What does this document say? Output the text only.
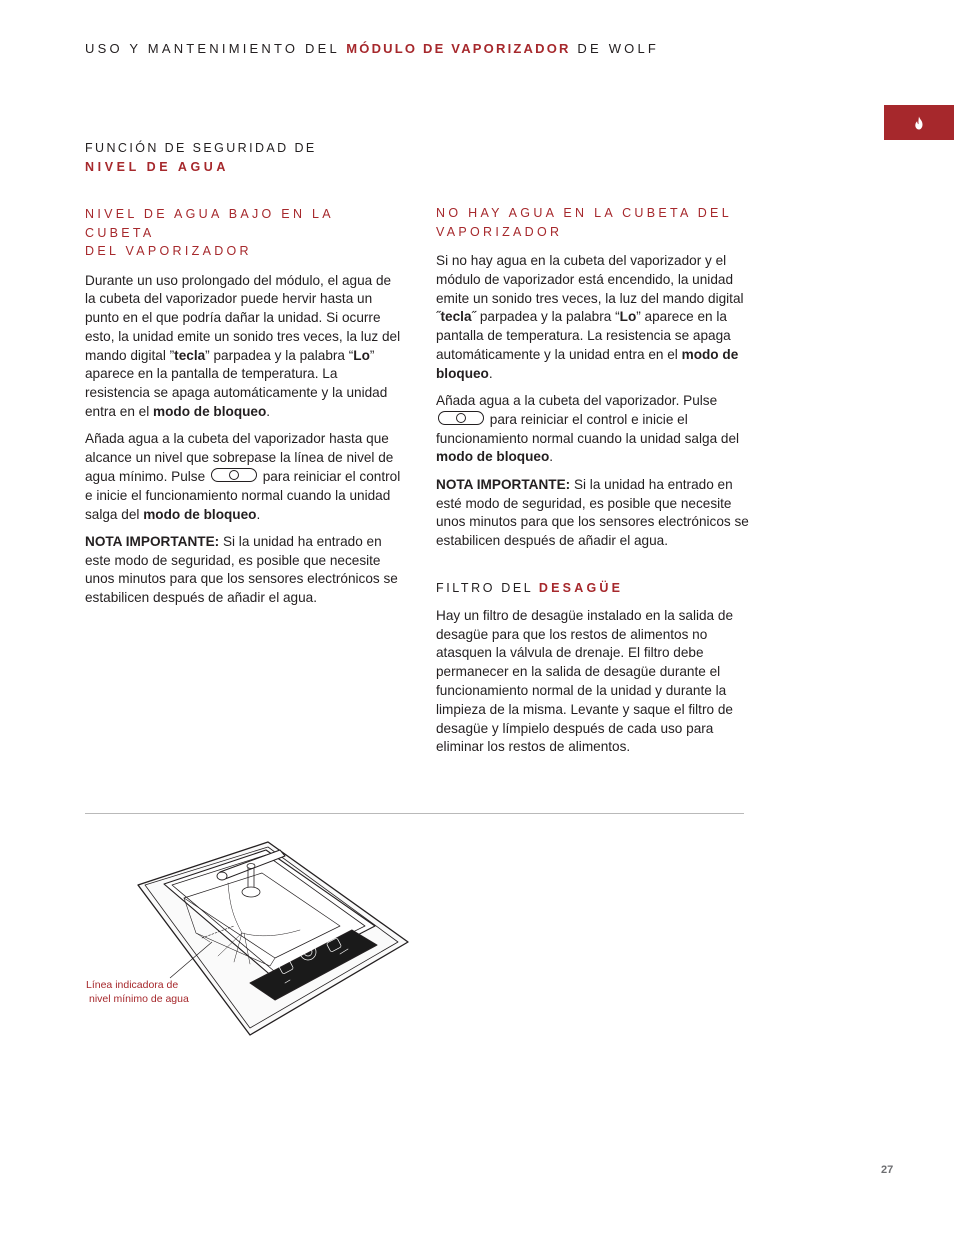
USO Y MANTENIMIENTO DEL MÓDULO DE VAPORIZADOR DE WOLF
FUNCIÓN DE SEGURIDAD DE
NIVEL DE AGUA
NIVEL DE AGUA BAJO EN LA CUBETA
DEL VAPORIZADOR

Durante un uso prolongado del módulo, el agua de la cubeta del vaporizador puede hervir hasta un punto en el que podría dañar la unidad. Si ocurre esto, la unidad emite un sonido tres veces, la luz del mando digital ”tecla” parpadea y la palabra “Lo” aparece en la pantalla de temperatura. La resistencia se apaga automáticamente y la unidad entra en el modo de bloqueo.

Añada agua a la cubeta del vaporizador hasta que alcance un nivel que sobrepase la línea de nivel de agua mínimo. Pulse	para reiniciar el control e inicie el funcionamiento normal cuando la unidad salga del modo de bloqueo.

NOTA IMPORTANTE: Si la unidad ha entrado en este modo de seguridad, es posible que necesite unos minutos para que los sensores electrónicos se estabilicen después de añadir el agua.

NO HAY AGUA EN LA CUBETA DEL
VAPORIZADOR

Si no hay agua en la cubeta del vaporizador y el módulo de vaporizador está encendido, la unidad emite un sonido tres veces, la luz del mando digital ˝tecla˝ parpadea y la palabra “Lo” aparece en la pantalla de temperatura. La resistencia se apaga automáticamente y la unidad entra en el modo de bloqueo.

Añada agua a la cubeta del vaporizador. Pulse  para reiniciar el control e inicie el funcionamiento normal cuando la unidad salga del modo de bloqueo.

NOTA IMPORTANTE: Si la unidad ha entrado en esté modo de seguridad, es posible que necesite unos minutos para que los sensores electrónicos se estabilicen después de añadir el agua.

FILTRO DEL DESAGÜE

Hay un filtro de desagüe instalado en la salida de desagüe para que los restos de alimentos no atasquen la válvula de drenaje. El filtro debe permanecer en la salida de desagüe durante el funcionamiento normal de la unidad y durante la limpieza de la misma. Levante y saque el filtro de desagüe y límpielo después de cada uso para eliminar los restos de alimentos.

Línea indicadora de
nivel mínimo de agua
27
